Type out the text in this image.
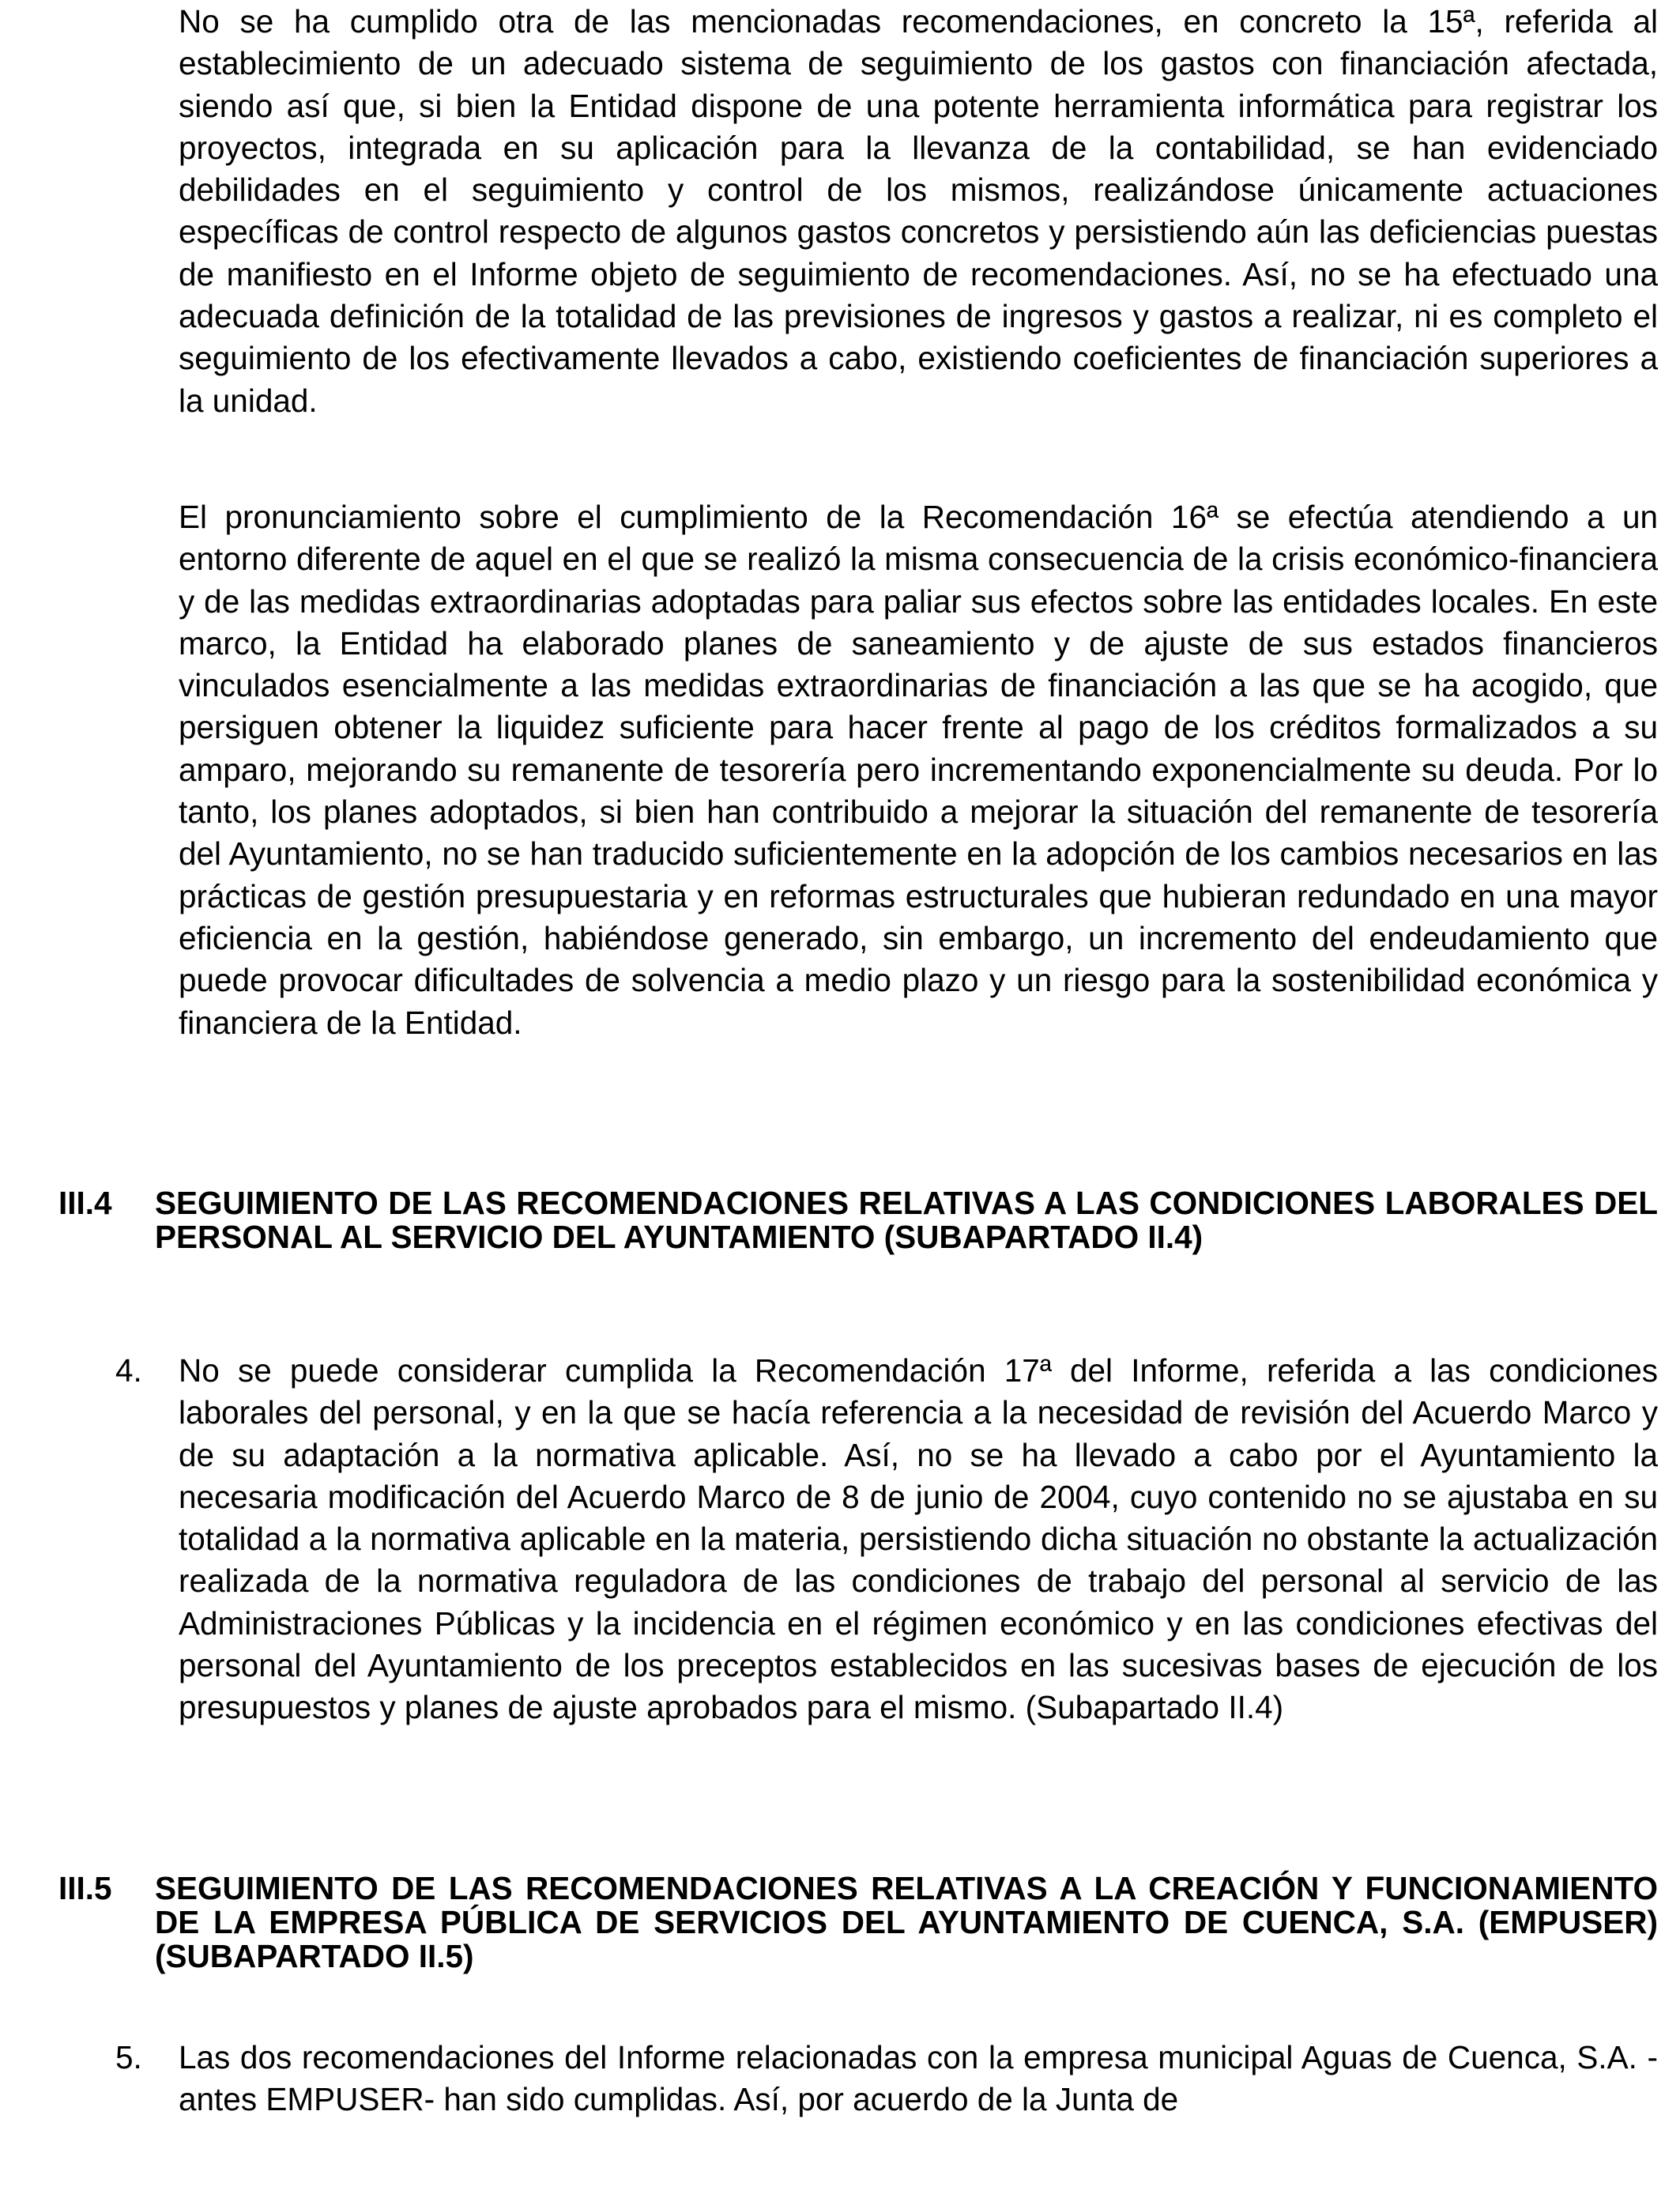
No se ha cumplido otra de las mencionadas recomendaciones, en concreto la 15ª, referida al establecimiento de un adecuado sistema de seguimiento de los gastos con financiación afectada, siendo así que, si bien la Entidad dispone de una potente herramienta informática para registrar los proyectos, integrada en su aplicación para la llevanza de la contabilidad, se han evidenciado debilidades en el seguimiento y control de los mismos, realizándose únicamente actuaciones específicas de control respecto de algunos gastos concretos y persistiendo aún las deficiencias puestas de manifiesto en el Informe objeto de seguimiento de recomendaciones. Así, no se ha efectuado una adecuada definición de la totalidad de las previsiones de ingresos y gastos a realizar, ni es completo el seguimiento de los efectivamente llevados a cabo, existiendo coeficientes de financiación superiores a la unidad.

El pronunciamiento sobre el cumplimiento de la Recomendación 16ª se efectúa atendiendo a un entorno diferente de aquel en el que se realizó la misma consecuencia de la crisis económico-financiera y de las medidas extraordinarias adoptadas para paliar sus efectos sobre las entidades locales. En este marco, la Entidad ha elaborado planes de saneamiento y de ajuste de sus estados financieros vinculados esencialmente a las medidas extraordinarias de financiación a las que se ha acogido, que persiguen obtener la liquidez suficiente para hacer frente al pago de los créditos formalizados a su amparo, mejorando su remanente de tesorería pero incrementando exponencialmente su deuda. Por lo tanto, los planes adoptados, si bien han contribuido a mejorar la situación del remanente de tesorería del Ayuntamiento, no se han traducido suficientemente en la adopción de los cambios necesarios en las prácticas de gestión presupuestaria y en reformas estructurales que hubieran redundado en una mayor eficiencia en la gestión, habiéndose generado, sin embargo, un incremento del endeudamiento que puede provocar dificultades de solvencia a medio plazo y un riesgo para la sostenibilidad económica y financiera de la Entidad.

III.4 SEGUIMIENTO DE LAS RECOMENDACIONES RELATIVAS A LAS CONDICIONES LABORALES DEL PERSONAL AL SERVICIO DEL AYUNTAMIENTO (SUBAPARTADO II.4)

4. No se puede considerar cumplida la Recomendación 17ª del Informe, referida a las condiciones laborales del personal, y en la que se hacía referencia a la necesidad de revisión del Acuerdo Marco y de su adaptación a la normativa aplicable. Así, no se ha llevado a cabo por el Ayuntamiento la necesaria modificación del Acuerdo Marco de 8 de junio de 2004, cuyo contenido no se ajustaba en su totalidad a la normativa aplicable en la materia, persistiendo dicha situación no obstante la actualización realizada de la normativa reguladora de las condiciones de trabajo del personal al servicio de las Administraciones Públicas y la incidencia en el régimen económico y en las condiciones efectivas del personal del Ayuntamiento de los preceptos establecidos en las sucesivas bases de ejecución de los presupuestos y planes de ajuste aprobados para el mismo. (Subapartado II.4)

III.5 SEGUIMIENTO DE LAS RECOMENDACIONES RELATIVAS A LA CREACIÓN Y FUNCIONAMIENTO DE LA EMPRESA PÚBLICA DE SERVICIOS DEL AYUNTAMIENTO DE CUENCA, S.A. (EMPUSER) (SUBAPARTADO II.5)

5. Las dos recomendaciones del Informe relacionadas con la empresa municipal Aguas de Cuenca, S.A. -antes EMPUSER- han sido cumplidas. Así, por acuerdo de la Junta de
